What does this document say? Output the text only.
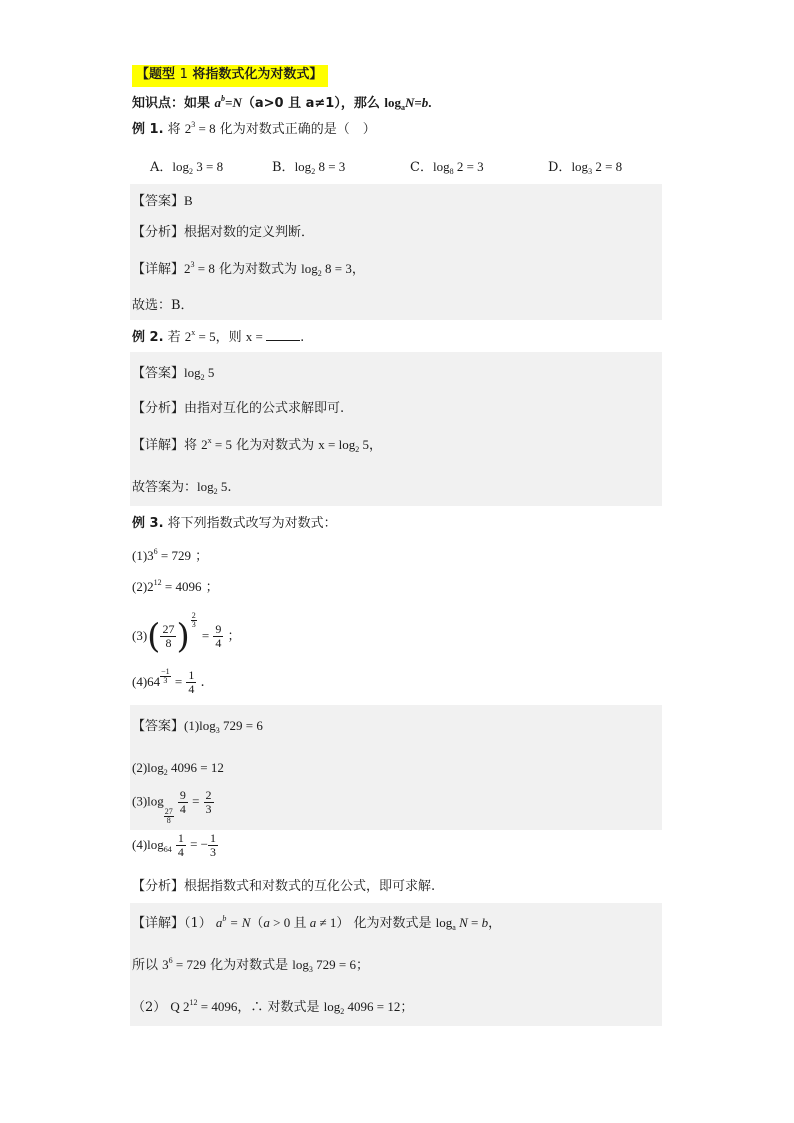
【题型 1 将指数式化为对数式】
知识点：如果 $a^b=N(a>0$ 且 a≠1），那么 $\log_aN=b$.
例 1. 将 $2^3 = 8$ 化为对数式正确的是（　）
A．$\log_2 3 = 8$	B．$\log_2 8 = 3$	C．$\log_8 2 = 3$	D．$\log_3 2 = 8$
【答案】B
【分析】根据对数的定义判断．
【详解】$2^3 = 8$ 化为对数式为 $\log_2 8 = 3$，
故选：B．
例 2. 若 $2^x = 5$，则 x =	.
【答案】$\log_2 5$
【分析】由指对互化的公式求解即可.
【详解】将 $2^x = 5$ 化为对数式为 $x = \log_2 5$，
故答案为：$\log_2 5$.
例 3. 将下列指数式改写为对数式：
$(1)3^6 = 729$ ；
$(2)2^{12} = 4096$ ；
$(3)( \frac{27}{8}$ ) $\frac{2}{3}$
= $\frac{9}{4}$ ；
$(4)64 \frac{-1}{3} = \frac{1}{4}$ .
【答案】$(1)\log_3$ 729 = 6
$(2)\log_2$ 4096 = 12
(3)log
$\frac{27}{8}$

$\frac{9}{4} = \frac{2}{3}$
$(4)\log_{64} \frac{1}{4}$ = − $\frac{1}{3}$
【分析】根据指数式和对数式的互化公式，即可求解.
【详解】（1） $a^b = N(a > 0$ 且 a ≠ 1） 化为对数式是 $\log_a N = b$，
所以 $3^6 = 729$ 化为对数式是 $\log_3 729 = 6$；
（2） Q $2^{12} = 4096$，∴ 对数式是 $\log_2 4096 = 12$；
